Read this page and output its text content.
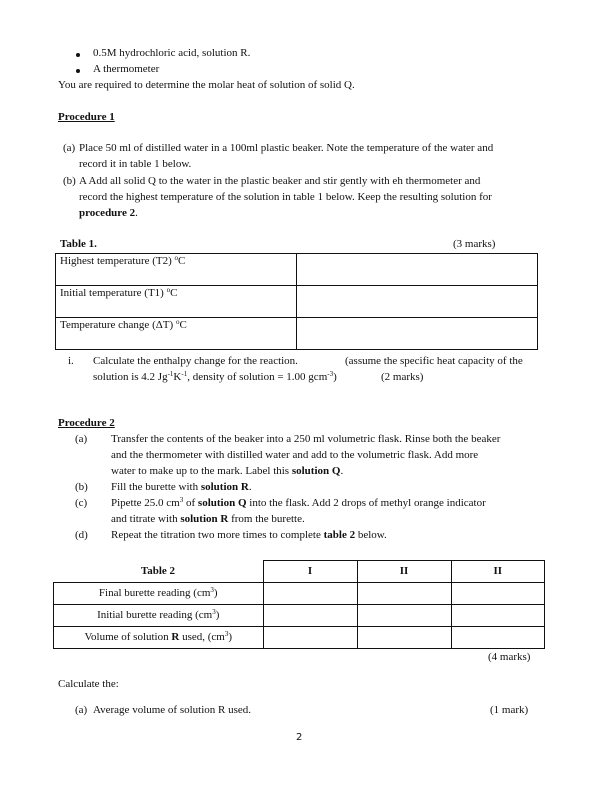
0.5M hydrochloric acid, solution R.
A thermometer
You are required to determine the molar heat of solution of solid Q.
Procedure 1
(a) Place 50 ml of distilled water in a 100ml plastic beaker. Note the temperature of the water and
record it in table 1 below.
(b) A Add all solid Q to the water in the plastic beaker and stir gently with eh thermometer and
record the highest temperature of the solution in table 1 below. Keep the resulting solution for
procedure 2.
Table 1.	(3 marks)
Highest temperature (T2) $^o$C	
Initial temperature (T1) $^o$C	
Temperature change (ΔT) $^o$C	
i. Calculate the enthalpy change for the reaction.	(assume the specific heat capacity of the
solution is 4.2 $Jg^{-1}K^{-1}$, density of solution = 1.00 gcm$^{-3}$)	(2 marks)
Procedure 2
(a) Transfer the contents of the beaker into a 250 ml volumetric flask. Rinse both the beaker
and the thermometer with distilled water and add to the volumetric flask. Add more
water to make up to the mark. Label this solution Q.
(b) Fill the burette with solution R.
(c) Pipette 25.0 $cm^3$ of solution Q into the flask. Add 2 drops of methyl orange indicator
and titrate with solution R from the burette.
(d) Repeat the titration two more times to complete table 2 below.
Table 2	I	II	II
Final burette reading $(cm^3)$			
Initial burette reading $(cm^3)$			
Volume of solution R used, $(cm^3)$			
(4 marks)
Calculate the:
(a) Average volume of solution R used.	(1 mark)
2
